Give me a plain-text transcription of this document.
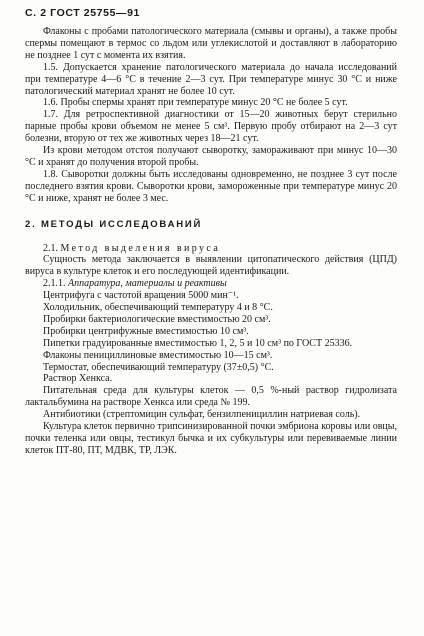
С. 2 ГОСТ 25755—91

Флаконы с пробами патологического материала (смывы и органы), а также пробы спермы помещают в термос со льдом или углекислотой и доставляют в лабораторию не позднее 1 сут с момента их взятия.

1.5. Допускается хранение патологического материала до начала исследований при температуре 4—6 °С в течение 2—3 сут. При температуре минус 30 °С и ниже патологический материал хранят не более 10 сут.

1.6. Пробы спермы хранят при температуре минус 20 °С не более 5 сут.

1.7. Для ретроспективной диагностики от 15—20 животных берут стерильно парные пробы крови объемом не менее 5 см³. Первую пробу отбирают на 2—3 сут болезни, вторую от тех же животных через 18—21 сут.

Из крови методом отстоя получают сыворотку, замораживают при минус 10—30 °С и хранят до получения второй пробы.

1.8. Сыворотки должны быть исследованы одновременно, не позднее 3 сут после последнего взятия крови. Сыворотки крови, замороженные при температуре минус 20 °С и ниже, хранят не более 3 мес.

2. МЕТОДЫ ИССЛЕДОВАНИЙ

2.1. Метод выделения вируса

Сущность метода заключается в выявлении цитопатического действия (ЦПД) вируса в культуре клеток и его последующей идентификации.

2.1.1. Аппаратура, материалы и реактивы

Центрифуга с частотой вращения 5000 мин⁻¹.

Холодильник, обеспечивающий температуру 4 и 8 °С.

Пробирки бактериологические вместимостью 20 см³.

Пробирки центрифужные вместимостью 10 см³.

Пипетки градуированные вместимостью 1, 2, 5 и 10 см³ по ГОСТ 25336.

Флаконы пенициллиновые вместимостью 10—15 см³.

Термостат, обеспечивающий температуру (37±0,5) °С.

Раствор Хенкса.

Питательная среда для культуры клеток — 0,5 %-ный раствор гидролизата лактальбумина на растворе Хенкса или среда № 199.

Антибиотики (стрептомицин сульфат, бензилпенициллин натриевая соль).

Культура клеток первично трипсинизированной почки эмбриона коровы или овцы, почки теленка или овцы, тестикул бычка и их субкультуры или перевиваемые линии клеток ПТ-80, ПТ, МДВК, ТР, ЛЭК.
